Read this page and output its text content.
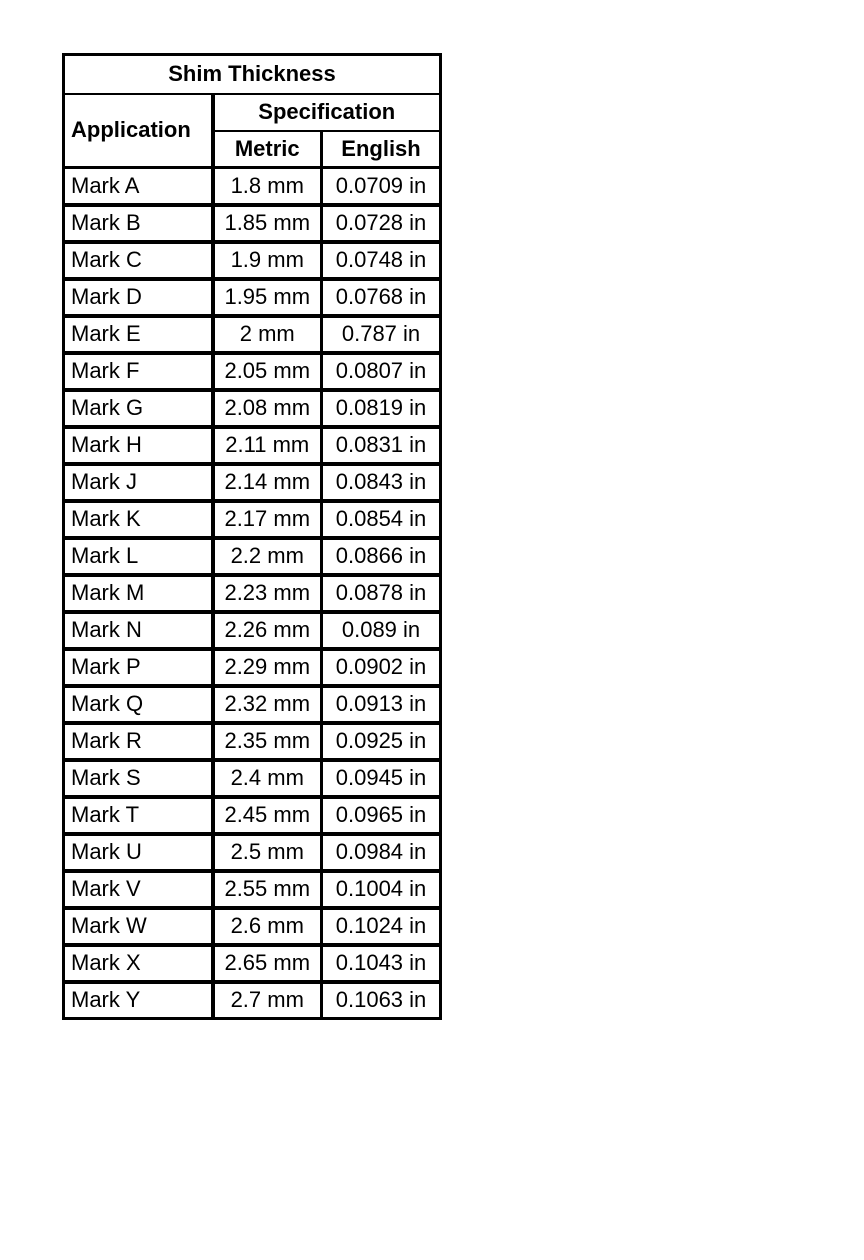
Shim Thickness		
Application	Specification	
	Metric	English
Mark A	1.8 mm	0.0709 in
Mark B	1.85 mm	0.0728 in
Mark C	1.9 mm	0.0748 in
Mark D	1.95 mm	0.0768 in
Mark E	2 mm	0.787 in
Mark F	2.05 mm	0.0807 in
Mark G	2.08 mm	0.0819 in
Mark H	2.11 mm	0.0831 in
Mark J	2.14 mm	0.0843 in
Mark K	2.17 mm	0.0854 in
Mark L	2.2 mm	0.0866 in
Mark M	2.23 mm	0.0878 in
Mark N	2.26 mm	0.089 in
Mark P	2.29 mm	0.0902 in
Mark Q	2.32 mm	0.0913 in
Mark R	2.35 mm	0.0925 in
Mark S	2.4 mm	0.0945 in
Mark T	2.45 mm	0.0965 in
Mark U	2.5 mm	0.0984 in
Mark V	2.55 mm	0.1004 in
Mark W	2.6 mm	0.1024 in
Mark X	2.65 mm	0.1043 in
Mark Y	2.7 mm	0.1063 in
